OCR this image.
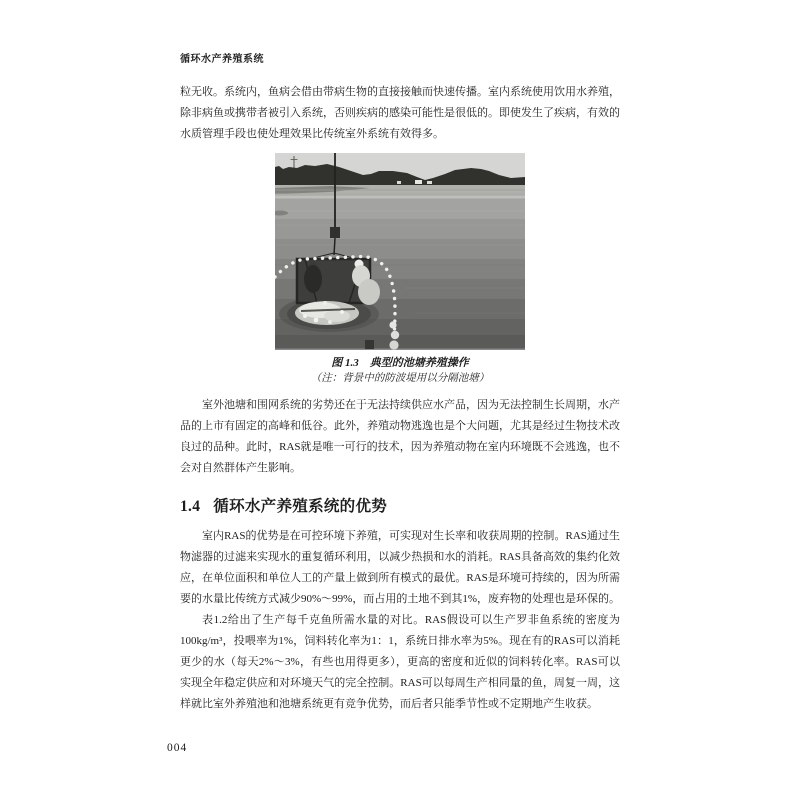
循环水产养殖系统

粒无收。系统内，鱼病会借由带病生物的直接接触而快速传播。室内系统使用饮用水养殖，除非病鱼或携带者被引入系统，否则疾病的感染可能性是很低的。即使发生了疾病，有效的水质管理手段也使处理效果比传统室外系统有效得多。

图 1.3　典型的池塘养殖操作
（注：背景中的防波堤用以分隔池塘）

室外池塘和围网系统的劣势还在于无法持续供应水产品，因为无法控制生长周期，水产品的上市有固定的高峰和低谷。此外，养殖动物逃逸也是个大问题，尤其是经过生物技术改良过的品种。此时，RAS就是唯一可行的技术，因为养殖动物在室内环境既不会逃逸，也不会对自然群体产生影响。

1.4 循环水产养殖系统的优势

室内RAS的优势是在可控环境下养殖，可实现对生长率和收获周期的控制。RAS通过生物滤器的过滤来实现水的重复循环利用，以减少热损和水的消耗。RAS具备高效的集约化效应，在单位面积和单位人工的产量上做到所有模式的最优。RAS是环境可持续的，因为所需要的水量比传统方式减少90%～99%，而占用的土地不到其1%，废弃物的处理也是环保的。

表1.2给出了生产每千克鱼所需水量的对比。RAS假设可以生产罗非鱼系统的密度为100kg/m³，投喂率为1%，饲料转化率为1：1，系统日排水率为5%。现在有的RAS可以消耗更少的水（每天2%～3%，有些也用得更多），更高的密度和近似的饲料转化率。RAS可以实现全年稳定供应和对环境天气的完全控制。RAS可以每周生产相同量的鱼，周复一周，这样就比室外养殖池和池塘系统更有竞争优势，而后者只能季节性或不定期地产生收获。

004
